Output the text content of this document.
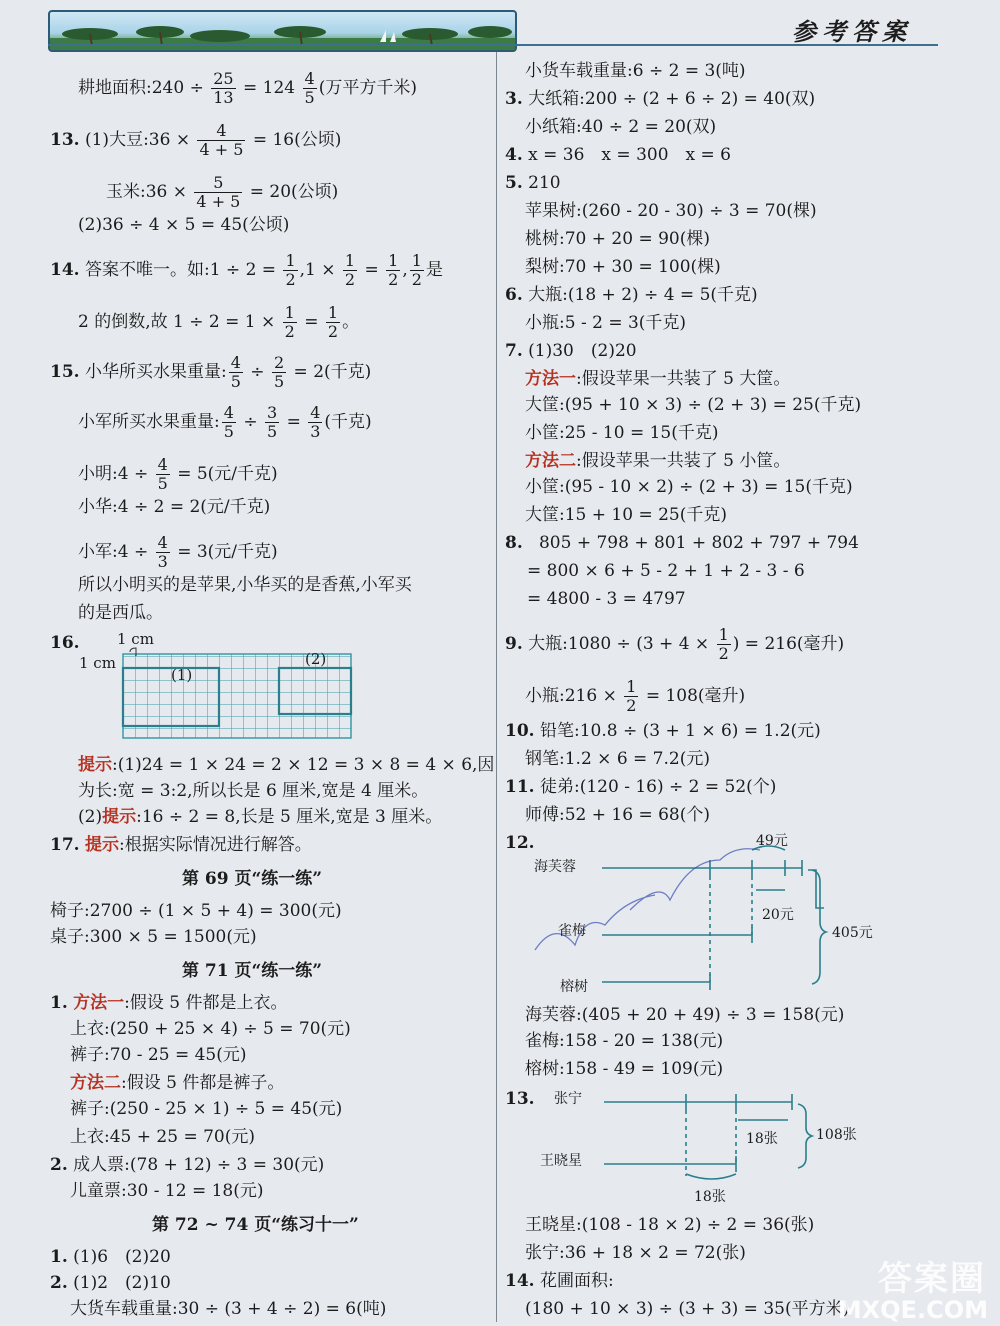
参考答案
耕地面积:240 ÷ $\frac{25}{13} = 124 \frac{4}{5}$ (万平方千米)
13. (1)大豆:36 × $\frac{4}{4 + 5} = 16$(公顷)
玉米:36 × $\frac{5}{4 + 5} = 20$(公顷)
(2)36 ÷ 4 × 5 = 45(公顷)
14. 答案不唯一。如:1 ÷ $2 = \frac{1}{2} ,1 \times \frac{1}{2} = \frac{1}{2}$ , $\frac{1}{2}$ 是
2 的倒数,故 $1 \div 2 = 1 \times \frac{1}{2} = \frac{1}{2}$ 。
15. 小华所买水果重量: $\frac{4}{5} \div \frac{2}{5} = 2$(千克)
小军所买水果重量: $\frac{4}{5} \div \frac{3}{5} = \frac{4}{3}$ (千克)
小明:4 ÷ $\frac{4}{5} = 5$(元/千克)
小华:4 ÷ 2 = 2(元/千克)
小军:4 ÷ $\frac{4}{3} = 3$(元/千克)
所以小明买的是苹果,小华买的是香蕉,小军买
的是西瓜。
16. 1 cm
1 cm
(1)
(2)
提示:(1)24 = 1 × 24 = 2 × 12 = 3 × 8 = 4 × 6,因
为长:宽 = 3:2,所以长是 6 厘米,宽是 4 厘米。
(2)提示:16 ÷ 2 = 8,长是 5 厘米,宽是 3 厘米。
17. 提示:根据实际情况进行解答。
第 69 页“练一练”
椅子:2700 ÷ (1 × 5 + 4) = 300(元)
桌子:300 × 5 = 1500(元)
第 71 页“练一练”
1. 方法一:假设 5 件都是上衣。
上衣:(250 + 25 × 4) ÷ 5 = 70(元)
裤子:70 - 25 = 45(元)
方法二:假设 5 件都是裤子。
裤子:(250 - 25 × 1) ÷ 5 = 45(元)
上衣:45 + 25 = 70(元)
2. 成人票:(78 + 12) ÷ 3 = 30(元)
儿童票:30 - 12 = 18(元)
第 72 ~ 74 页“练习十一”
1. (1)6　(2)20
2. (1)2　(2)10
大货车载重量:30 ÷ (3 + 4 ÷ 2) = 6(吨)
小货车载重量:6 ÷ 2 = 3(吨)
3. 大纸箱:200 ÷ (2 + 6 ÷ 2) = 40(双)
小纸箱:40 ÷ 2 = 20(双)
4. x = 36　x = 300　x = 6
5. 210
苹果树:(260 - 20 - 30) ÷ 3 = 70(棵)
桃树:70 + 20 = 90(棵)
梨树:70 + 30 = 100(棵)
6. 大瓶:(18 + 2) ÷ 4 = 5(千克)
小瓶:5 - 2 = 3(千克)
7. (1)30　(2)20
方法一:假设苹果一共装了 5 大筐。
大筐:(95 + 10 × 3) ÷ (2 + 3) = 25(千克)
小筐:25 - 10 = 15(千克)
方法二:假设苹果一共装了 5 小筐。
小筐:(95 - 10 × 2) ÷ (2 + 3) = 15(千克)
大筐:15 + 10 = 25(千克)
8. 805 + 798 + 801 + 802 + 797 + 794
= 800 × 6 + 5 - 2 + 1 + 2 - 3 - 6
= 4800 - 3 = 4797
9. 大瓶:1080 ÷ ($3 + 4 \times \frac{1}{2}$ ) = 216(毫升)
小瓶:216 × $\frac{1}{2} = 108$(毫升)
10. 铅笔:10.8 ÷ (3 + 1 × 6) = 1.2(元)
钢笔:1.2 × 6 = 7.2(元)
11. 徒弟:(120 - 16) ÷ 2 = 52(个)
师傅:52 + 16 = 68(个)
12.
海芙蓉
雀梅
榕树
49元
20元
405元
海芙蓉:(405 + 20 + 49) ÷ 3 = 158(元)
雀梅:158 - 20 = 138(元)
榕树:158 - 49 = 109(元)
13. 张宁
王晓星
18张	108张
18张
王晓星:(108 - 18 × 2) ÷ 2 = 36(张)
张宁:36 + 18 × 2 = 72(张)
14. 花圃面积:
(180 + 10 × 3) ÷ (3 + 3) = 35(平方米)
答案圈
MXQE.COM
